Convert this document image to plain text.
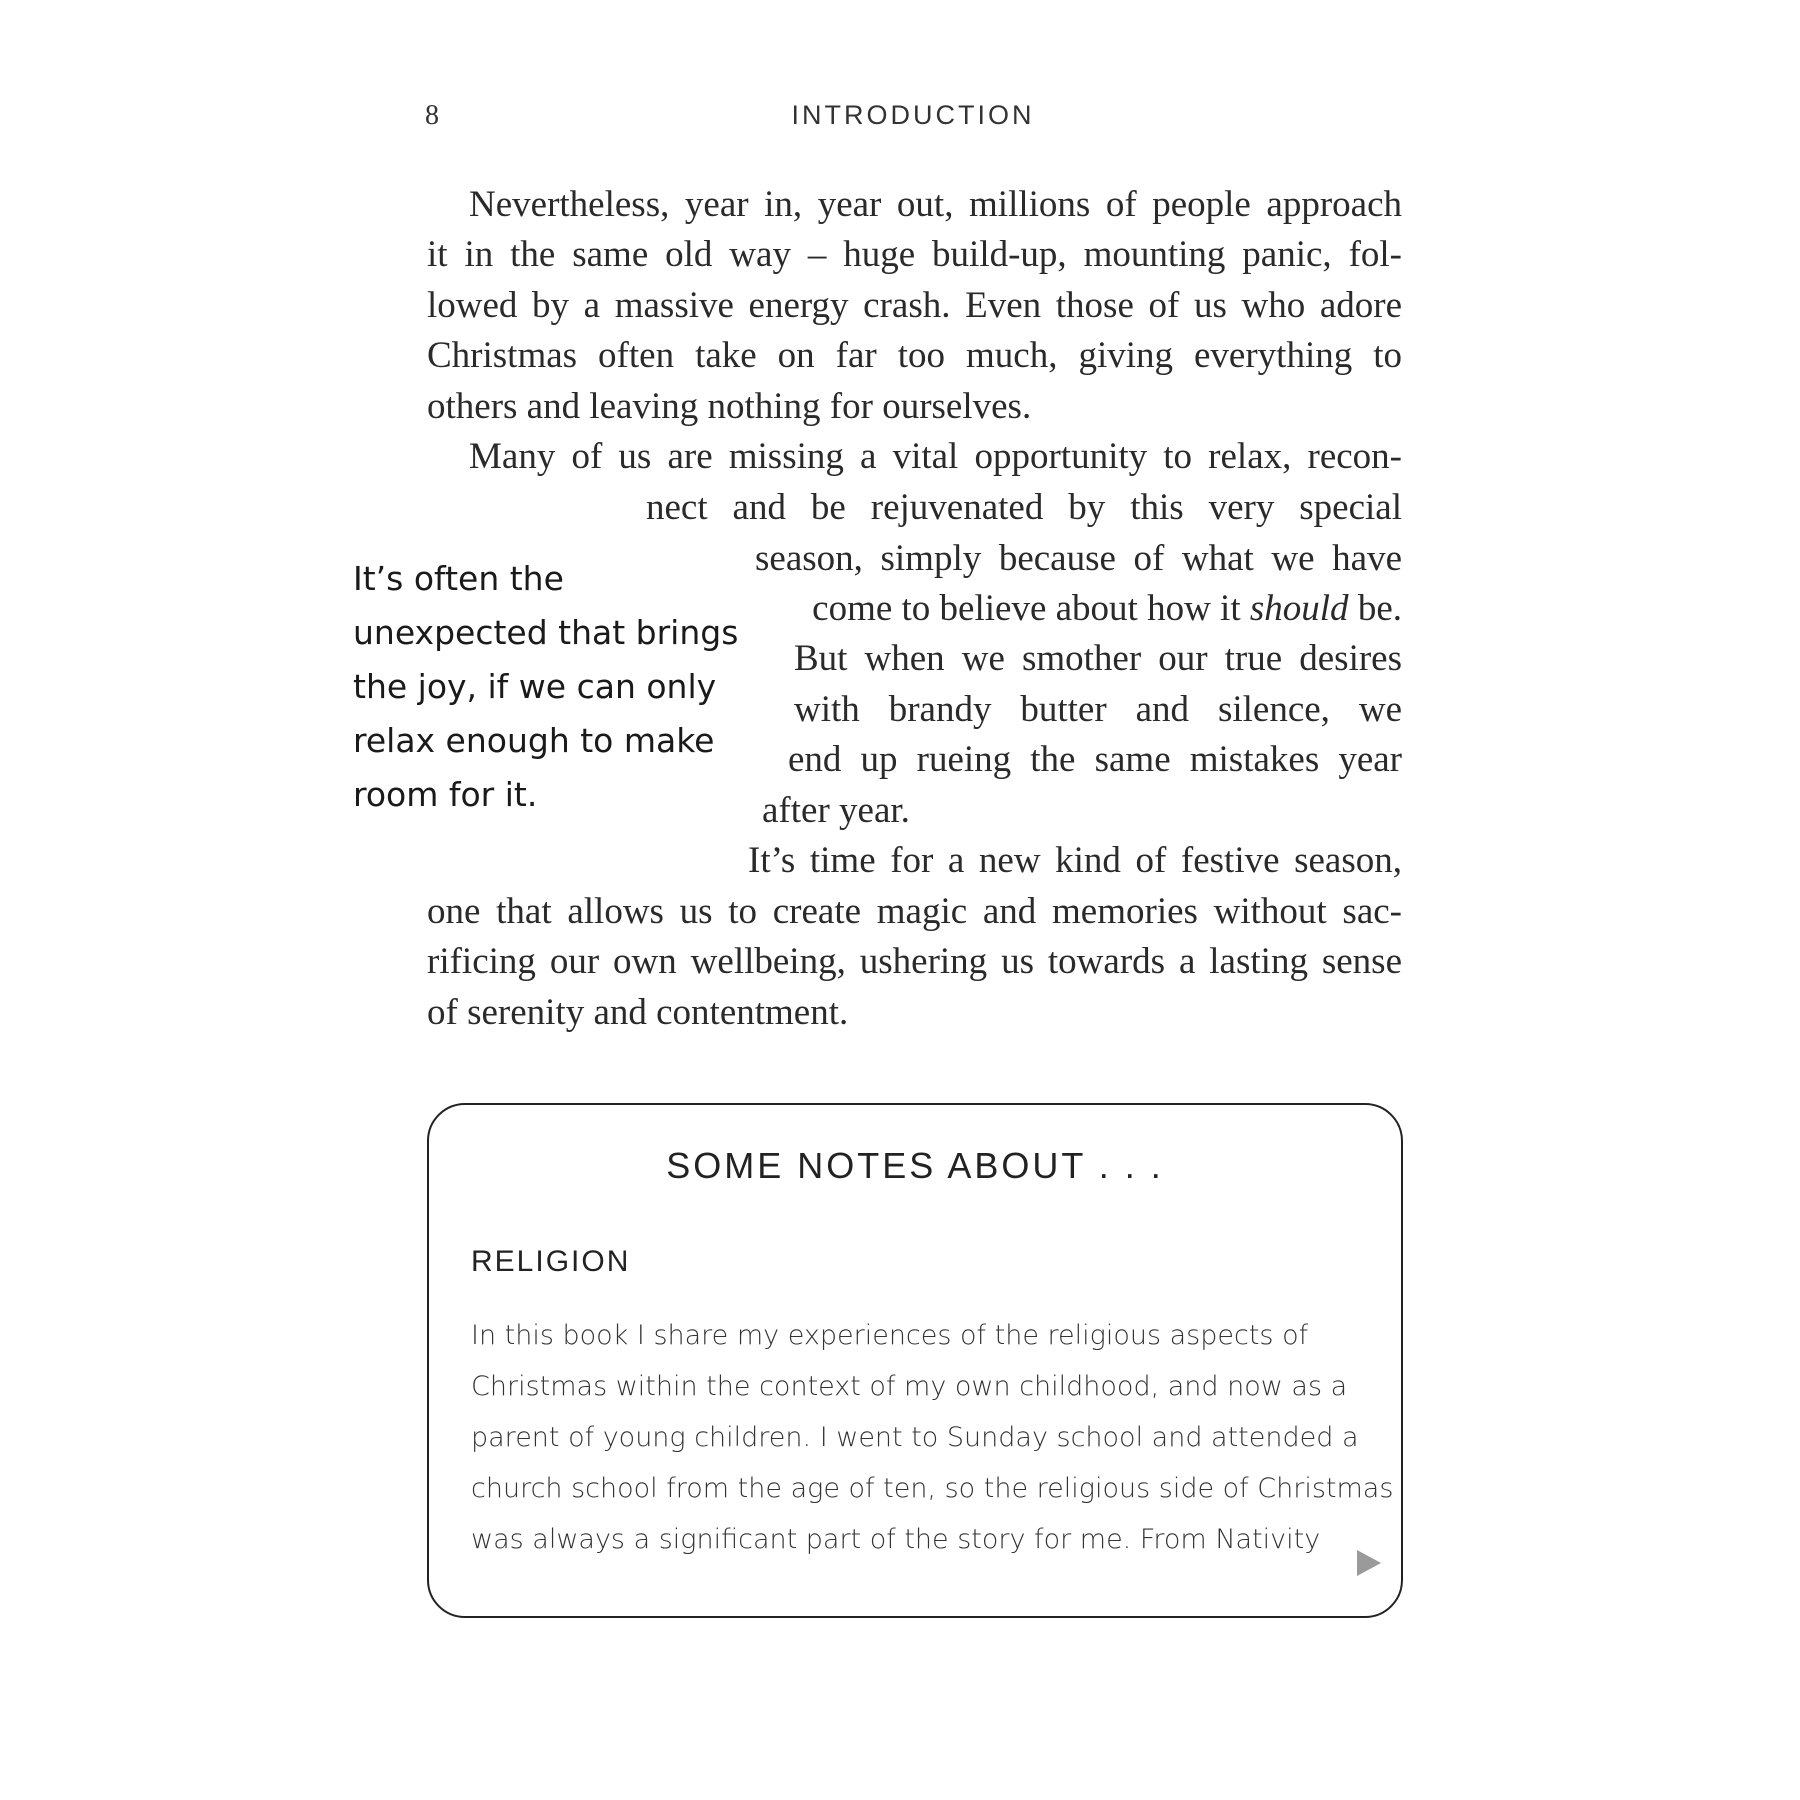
8	INTRODUCTION
Nevertheless, year in, year out, millions of people approach
it in the same old way – huge build-up, mounting panic, fol-
lowed by a massive energy crash. Even those of us who adore
Christmas often take on far too much, giving everything to
others and leaving nothing for ourselves.
Many of us are missing a vital opportunity to relax, recon-
nect and be rejuvenated by this very special
season, simply because of what we have
come to believe about how it should be.
But when we smother our true desires
with brandy butter and silence, we
end up rueing the same mistakes year
after year.
It’s time for a new kind of festive season,
one that allows us to create magic and memories without sac-
rificing our own wellbeing, ushering us towards a lasting sense
of serenity and contentment.
It’s often the
unexpected that brings
the joy, if we can only
relax enough to make
room for it.
SOME NOTES ABOUT . . .
RELIGION
In this book I share my experiences of the religious aspects of
Christmas within the context of my own childhood, and now as a
parent of young children. I went to Sunday school and attended a
church school from the age of ten, so the religious side of Christmas
was always a significant part of the story for me. From Nativity
